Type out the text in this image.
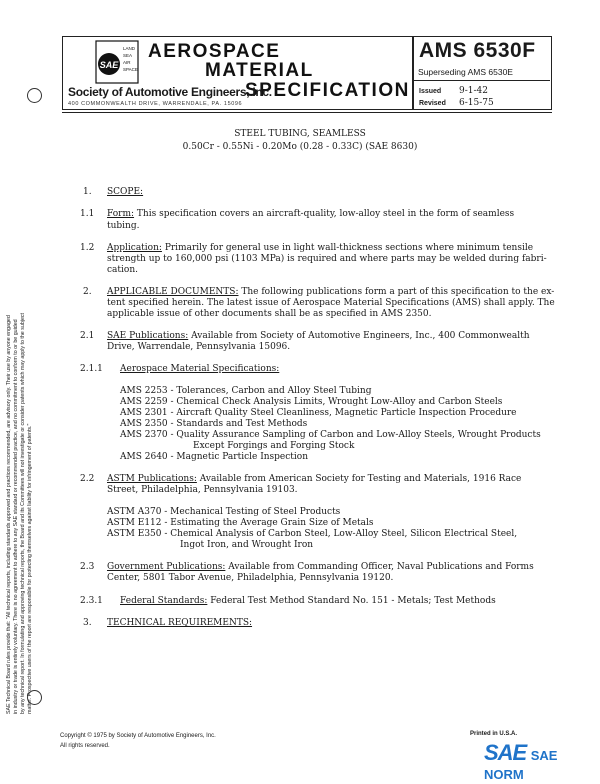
SAE
LAND
SEA
AIR
SPACE
AEROSPACE
MATERIAL
SPECIFICATION
Society of Automotive Engineers, Inc.
400 COMMONWEALTH DRIVE, WARRENDALE, PA. 15096
AMS 6530F
Superseding AMS 6530E
Issued 9-1-42
Revised 6-15-75
STEEL TUBING, SEAMLESS
0.50Cr - 0.55Ni - 0.20Mo (0.28 - 0.33C) (SAE 8630)
1. SCOPE:
1.1 Form: This specification covers an aircraft-quality, low-alloy steel in the form of seamless tubing.
1.2 Application: Primarily for general use in light wall-thickness sections where minimum tensile
strength up to 160,000 psi (1103 MPa) is required and where parts may be welded during fabri-
cation.
2. APPLICABLE DOCUMENTS: The following publications form a part of this specification to the ex-
tent specified herein. The latest issue of Aerospace Material Specifications (AMS) shall apply. The
applicable issue of other documents shall be as specified in AMS 2350.
2.1 SAE Publications: Available from Society of Automotive Engineers, Inc., 400 Commonwealth
Drive, Warrendale, Pennsylvania 15096.
2.1.1 Aerospace Material Specifications:
AMS 2253 - Tolerances, Carbon and Alloy Steel Tubing
AMS 2259 - Chemical Check Analysis Limits, Wrought Low-Alloy and Carbon Steels
AMS 2301 - Aircraft Quality Steel Cleanliness, Magnetic Particle Inspection Procedure
AMS 2350 - Standards and Test Methods
AMS 2370 - Quality Assurance Sampling of Carbon and Low-Alloy Steels, Wrought Products
Except Forgings and Forging Stock
AMS 2640 - Magnetic Particle Inspection
2.2 ASTM Publications: Available from American Society for Testing and Materials, 1916 Race
Street, Philadelphia, Pennsylvania 19103.
ASTM A370 - Mechanical Testing of Steel Products
ASTM E112 - Estimating the Average Grain Size of Metals
ASTM E350 - Chemical Analysis of Carbon Steel, Low-Alloy Steel, Silicon Electrical Steel,
Ingot Iron, and Wrought Iron
2.3 Government Publications: Available from Commanding Officer, Naval Publications and Forms
Center, 5801 Tabor Avenue, Philadelphia, Pennsylvania 19120.
2.3.1 Federal Standards: Federal Test Method Standard No. 151 - Metals; Test Methods
3. TECHNICAL REQUIREMENTS:
SAE Technical Board rules provide that: "All technical reports, including standards approved and practices recommended, are advisory only. Their use by anyone engaged in industry or trade is entirely voluntary. There is no agreement to adhere to any SAE standard or recommended practice, and no commitment to conform to or be guided by any technical report. In formulating and approving technical reports, the Board and its Committees will not investigate or consider patents which may apply to the subject matter. Prospective users of the report are responsible for protecting themselves against liability for infringement of patents."
Copyright © 1975 by Society of Automotive Engineers, Inc.
All rights reserved.
Printed in U.S.A.
SAE SAE NORM
